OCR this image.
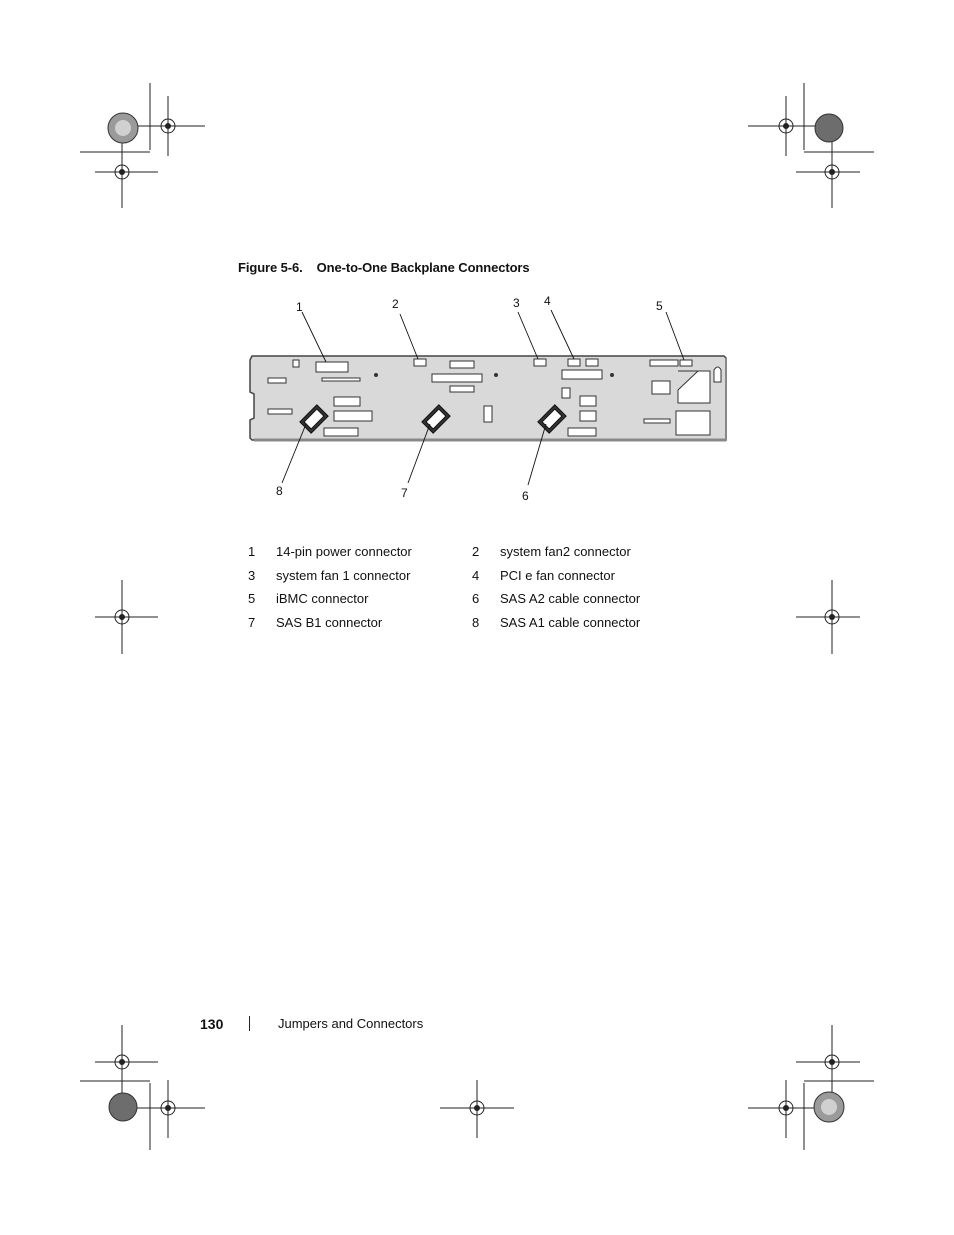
Figure 5-6. One-to-One Backplane Connectors
1	2	3 4	5
6
7
8
1	14-pin power connector	2	system fan2 connector
3	system fan 1 connector	4	PCI e fan connector
5	iBMC connector	6	SAS A2 cable connector
7	SAS B1 connector	8	SAS A1 cable connector
130	Jumpers and Connectors
